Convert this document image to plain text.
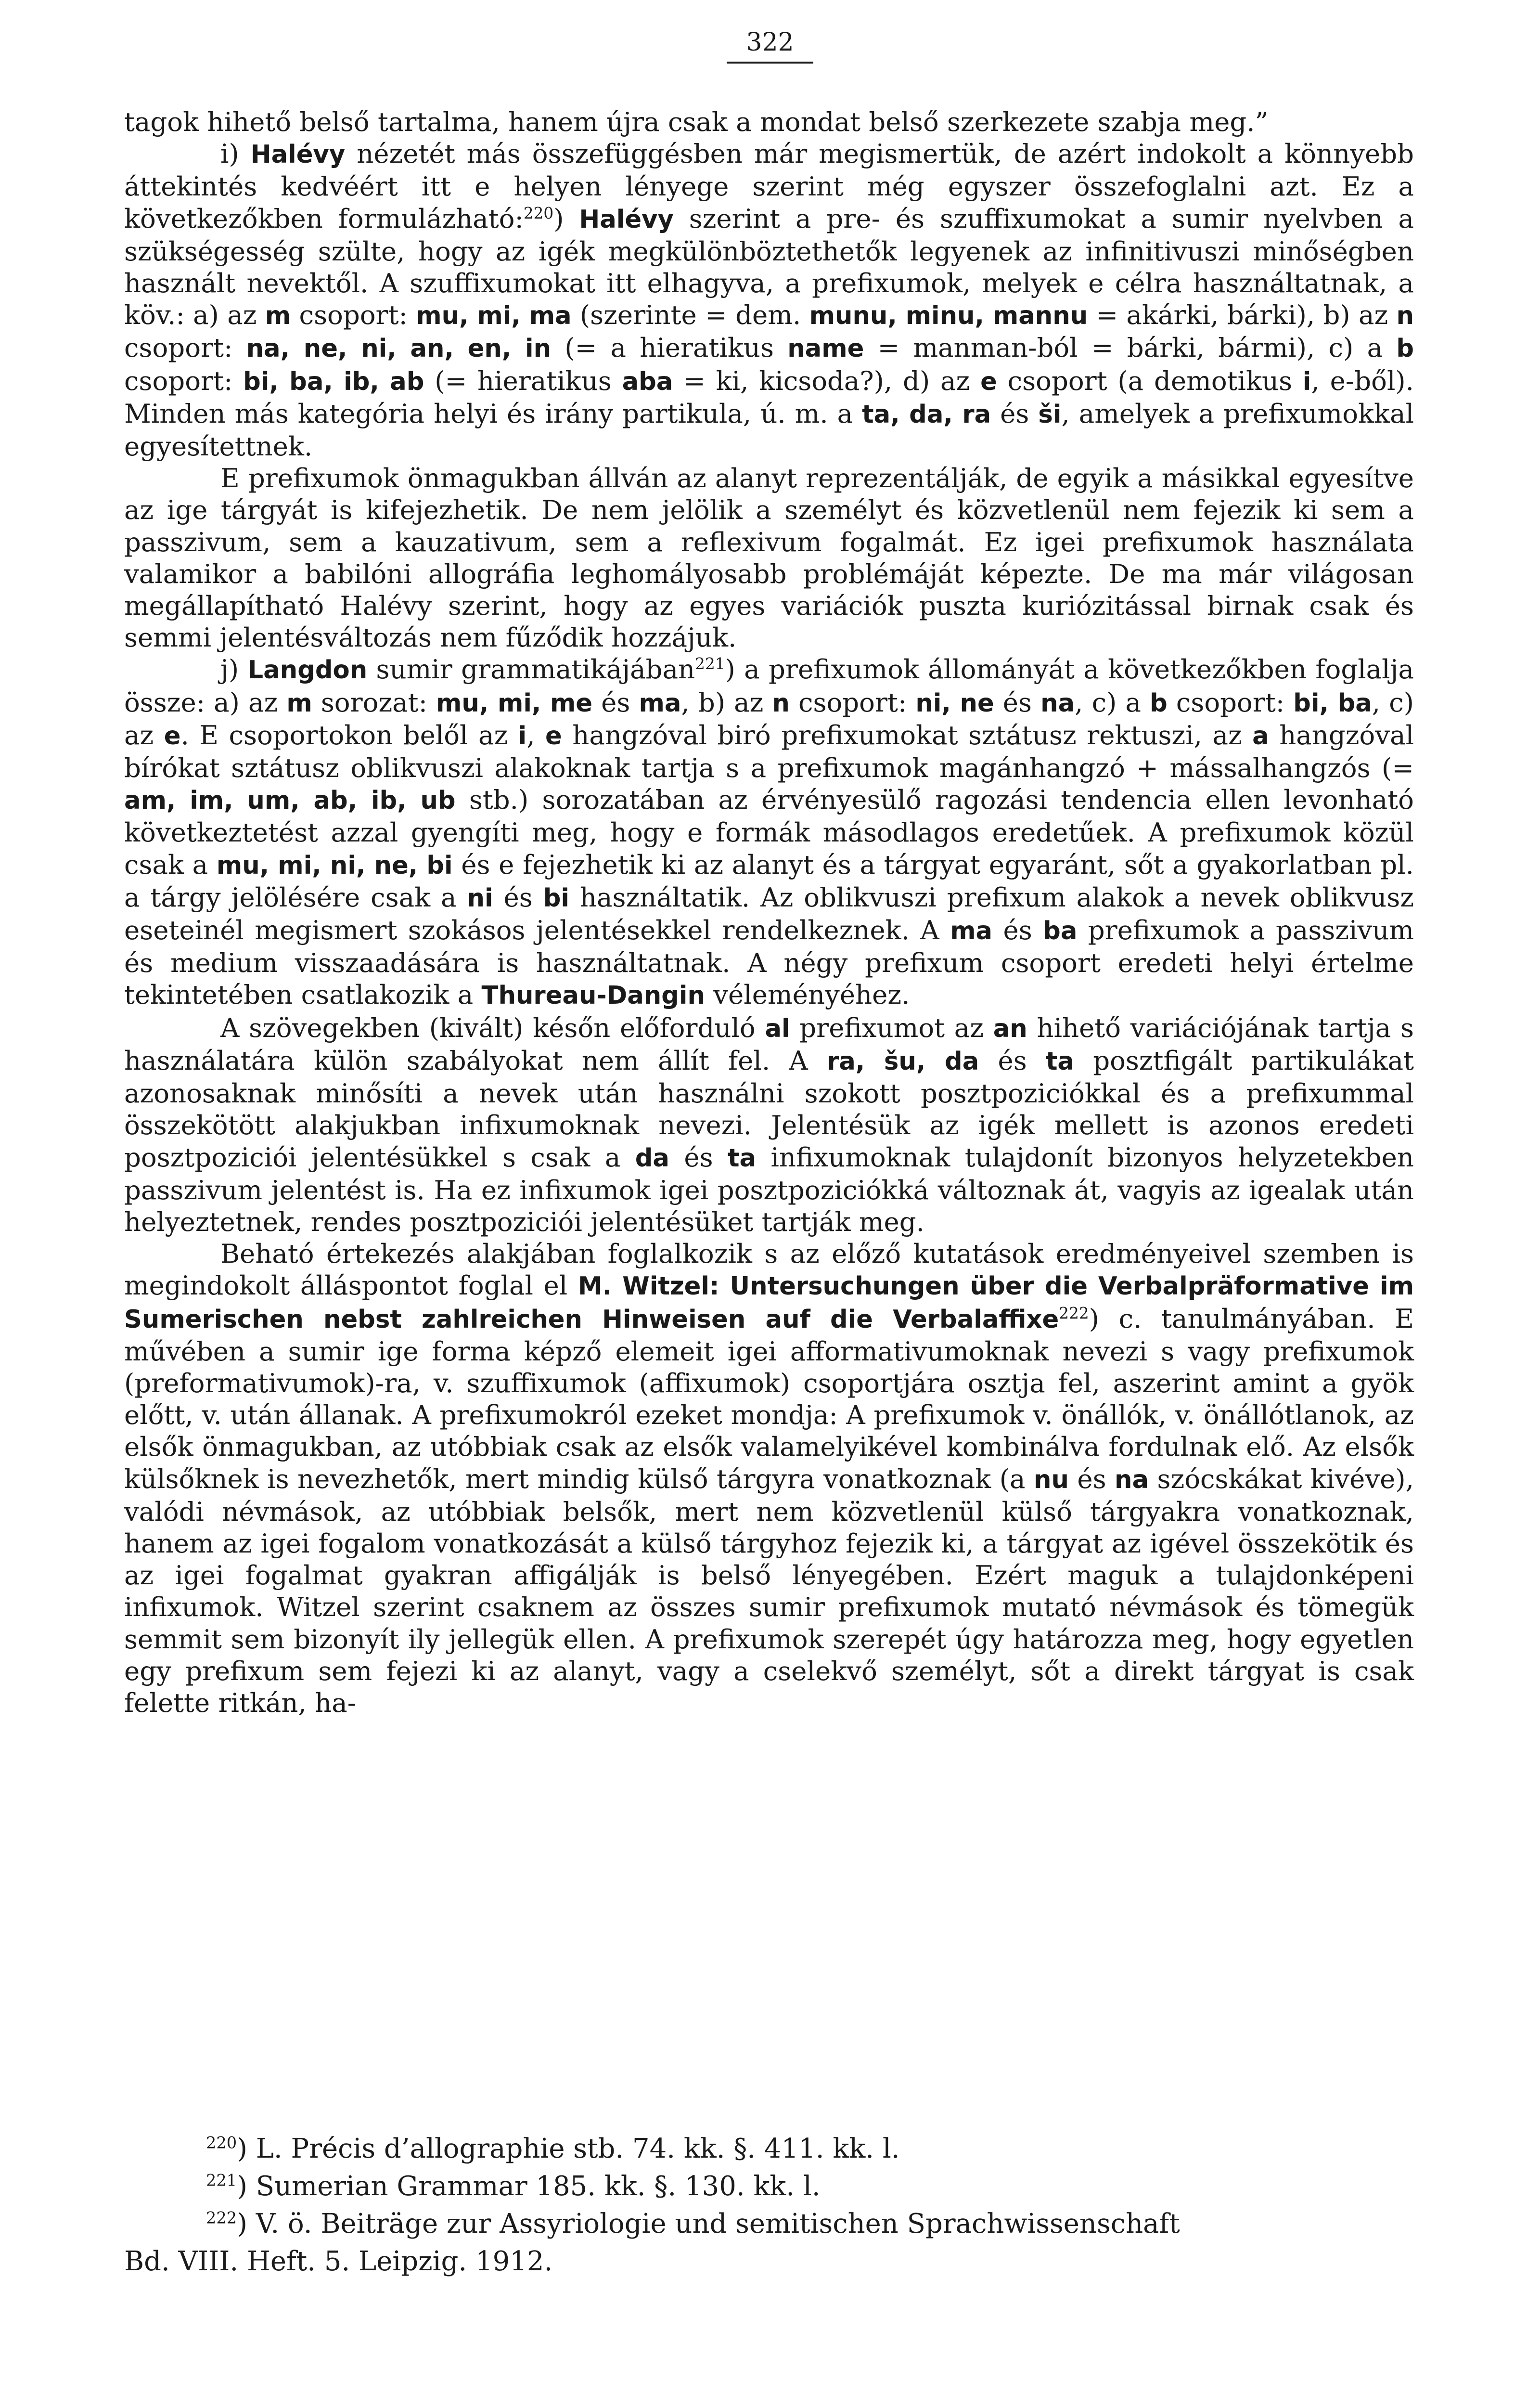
322

tagok hihető belső tartalma, hanem újra csak a mondat belső szerkezete szabja meg.”

i) Halévy nézetét más összefüggésben már megismertük, de azért indokolt a könnyebb áttekintés kedvéért itt e helyen lényege szerint még egyszer összefoglalni azt. Ez a következőkben formulázható:$^{220}$) Halévy szerint a pre- és szuffixumokat a sumir nyelvben a szükségesség szülte, hogy az igék megkülönböztethetők legyenek az infinitivuszi minőségben használt nevektől. A szuffixumokat itt elhagyva, a prefixumok, melyek e célra használtatnak, a köv.: a) az m csoport: mu, mi, ma (szerinte = dem. munu, minu, mannu = akárki, bárki), b) az n csoport: na, ne, ni, an, en, in (= a hieratikus name = manman-ból = bárki, bármi), c) a b csoport: bi, ba, ib, ab (= hieratikus aba = ki, kicsoda?), d) az e csoport (a demotikus i, e-ből). Minden más kategória helyi és irány partikula, ú. m. a ta, da, ra és ši, amelyek a prefixumokkal egyesítettnek.

E prefixumok önmagukban állván az alanyt reprezentálják, de egyik a másikkal egyesítve az ige tárgyát is kifejezhetik. De nem jelölik a személyt és közvetlenül nem fejezik ki sem a passzivum, sem a kauzativum, sem a reflexivum fogalmát. Ez igei prefixumok használata valamikor a babilóni allográfia leghomályosabb problémáját képezte. De ma már világosan megállapítható Halévy szerint, hogy az egyes variációk puszta kuriózitással birnak csak és semmi jelentésváltozás nem fűződik hozzájuk.

j) Langdon sumir grammatikájában$^{221}$) a prefixumok állományát a következőkben foglalja össze: a) az m sorozat: mu, mi, me és ma, b) az n csoport: ni, ne és na, c) a b csoport: bi, ba, c) az e. E csoportokon belől az i, e hangzóval biró prefixumokat sztátusz rektuszi, az a hangzóval bírókat sztátusz oblikvuszi alakoknak tartja s a prefixumok magánhangzó + mássalhangzós (= am, im, um, ab, ib, ub stb.) sorozatában az érvényesülő ragozási tendencia ellen levonható következtetést azzal gyengíti meg, hogy e formák másodlagos eredetűek. A prefixumok közül csak a mu, mi, ni, ne, bi és e fejezhetik ki az alanyt és a tárgyat egyaránt, sőt a gyakorlatban pl. a tárgy jelölésére csak a ni és bi használtatik. Az oblikvuszi prefixum alakok a nevek oblikvusz eseteinél megismert szokásos jelentésekkel rendelkeznek. A ma és ba prefixumok a passzivum és medium visszaadására is használtatnak. A négy prefixum csoport eredeti helyi értelme tekintetében csatlakozik a Thureau-Dangin véleményéhez.

A szövegekben (kivált) későn előforduló al prefixumot az an hihető variációjának tartja s használatára külön szabályokat nem állít fel. A ra, šu, da és ta posztfigált partikulákat azonosaknak minősíti a nevek után használni szokott posztpoziciókkal és a prefixummal összekötött alakjukban infixumoknak nevezi. Jelentésük az igék mellett is azonos eredeti posztpoziciói jelentésükkel s csak a da és ta infixumoknak tulajdonít bizonyos helyzetekben passzivum jelentést is. Ha ez infixumok igei posztpoziciókká változnak át, vagyis az igealak után helyeztetnek, rendes posztpoziciói jelentésüket tartják meg.

Beható értekezés alakjában foglalkozik s az előző kutatások eredményeivel szemben is megindokolt álláspontot foglal el M. Witzel: Untersuchungen über die Verbalpräformative im Sumerischen nebst zahlreichen Hinweisen auf die Verbalaffixe$^{222}$) c. tanulmányában. E művében a sumir ige forma képző elemeit igei afformativumoknak nevezi s vagy prefixumok (preformativumok)-ra, v. szuffixumok (affixumok) csoportjára osztja fel, aszerint amint a gyök előtt, v. után állanak. A prefixumokról ezeket mondja: A prefixumok v. önállók, v. önállótlanok, az elsők önmagukban, az utóbbiak csak az elsők valamelyikével kombinálva fordulnak elő. Az elsők külsőknek is nevezhetők, mert mindig külső tárgyra vonatkoznak (a nu és na szócskákat kivéve), valódi névmások, az utóbbiak belsők, mert nem közvetlenül külső tárgyakra vonatkoznak, hanem az igei fogalom vonatkozását a külső tárgyhoz fejezik ki, a tárgyat az igével összekötik és az igei fogalmat gyakran affigálják is belső lényegében. Ezért maguk a tulajdonképeni infixumok. Witzel szerint csaknem az összes sumir prefixumok mutató névmások és tömegük semmit sem bizonyít ily jellegük ellen. A prefixumok szerepét úgy határozza meg, hogy egyetlen egy prefixum sem fejezi ki az alanyt, vagy a cselekvő személyt, sőt a direkt tárgyat is csak felette ritkán, ha-

$^{220}$) L. Précis d’allographie stb. 74. kk. §. 411. kk. l.

$^{221}$) Sumerian Grammar 185. kk. §. 130. kk. l.

$^{222}$) V. ö. Beiträge zur Assyriologie und semitischen Sprachwissenschaft

Bd. VIII. Heft. 5. Leipzig. 1912.
